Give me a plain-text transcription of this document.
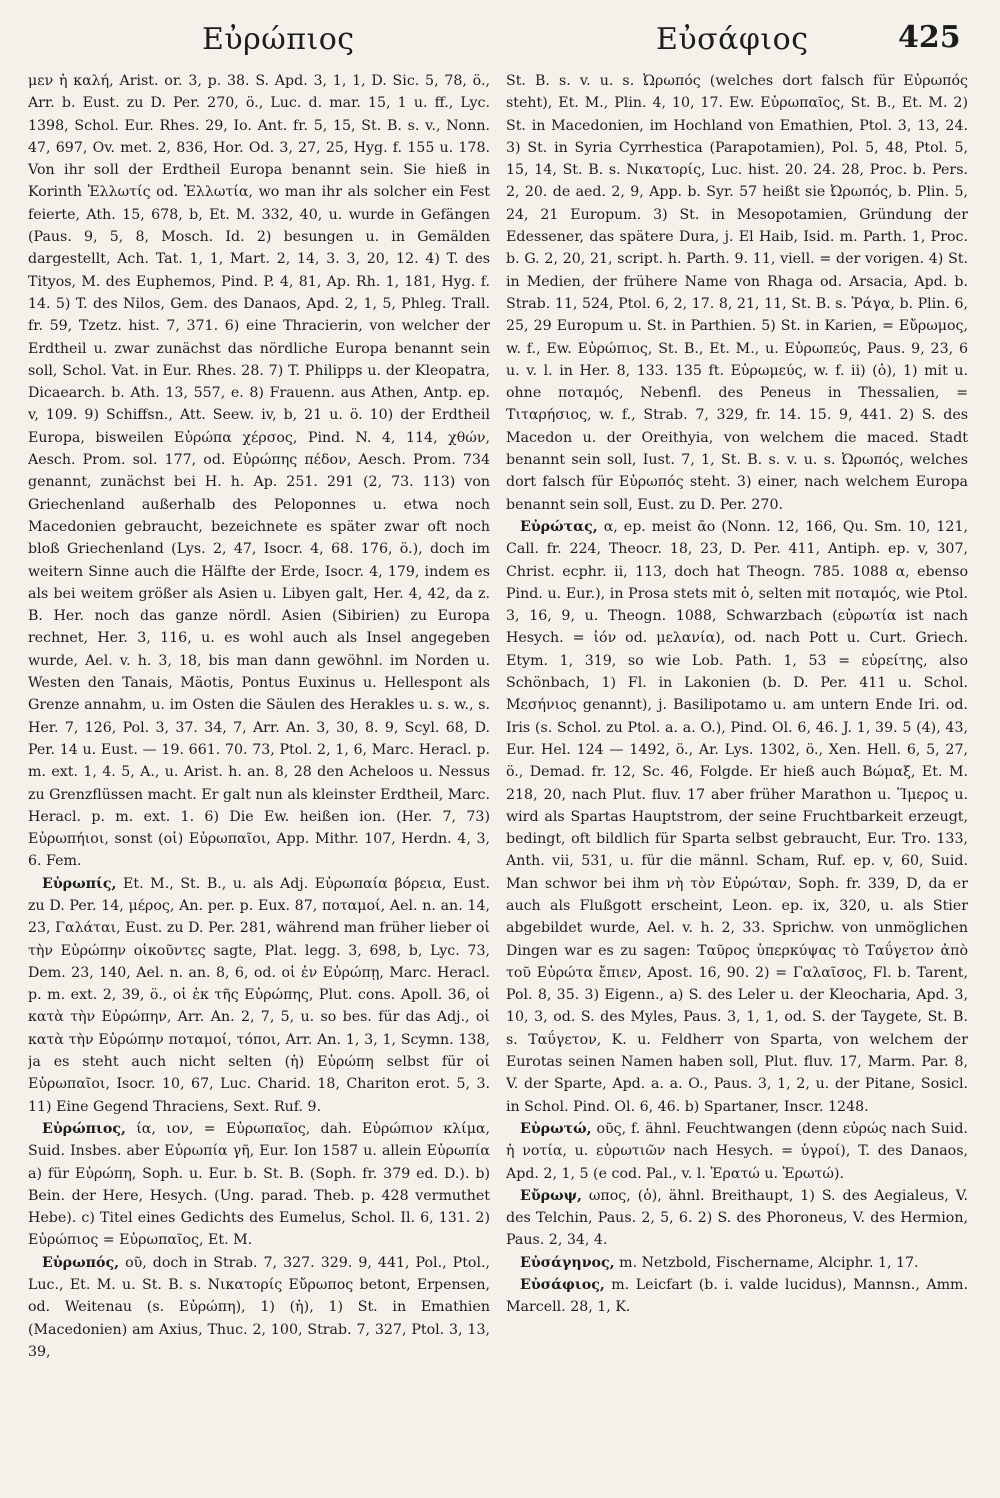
Εὐρώπιος	Εὐσάφιος	425

μεν ἡ καλή, Arist. or. 3, p. 38. S. Apd. 3, 1, 1, D. Sic. 5, 78, ö., Arr. b. Eust. zu D. Per. 270, ö., Luc. d. mar. 15, 1 u. ff., Lyc. 1398, Schol. Eur. Rhes. 29, Io. Ant. fr. 5, 15, St. B. s. v., Nonn. 47, 697, Ov. met. 2, 836, Hor. Od. 3, 27, 25, Hyg. f. 155 u. 178. Von ihr soll der Erdtheil Europa benannt sein. Sie hieß in Korinth Ἑλλωτίς od. Ἑλλωτία, wo man ihr als solcher ein Fest feierte, Ath. 15, 678, b, Et. M. 332, 40, u. wurde in Gefängen (Paus. 9, 5, 8, Mosch. Id. 2) besungen u. in Gemälden dargestellt, Ach. Tat. 1, 1, Mart. 2, 14, 3. 3, 20, 12. 4) T. des Tityos, M. des Euphemos, Pind. P. 4, 81, Ap. Rh. 1, 181, Hyg. f. 14. 5) T. des Nilos, Gem. des Danaos, Apd. 2, 1, 5, Phleg. Trall. fr. 59, Tzetz. hist. 7, 371. 6) eine Thracierin, von welcher der Erdtheil u. zwar zunächst das nördliche Europa benannt sein soll, Schol. Vat. in Eur. Rhes. 28. 7) T. Philipps u. der Kleopatra, Dicaearch. b. Ath. 13, 557, e. 8) Frauenn. aus Athen, Antp. ep. v, 109. 9) Schiffsn., Att. Seew. iv, b, 21 u. ö. 10) der Erdtheil Europa, bisweilen Εὐρώπα χέρσος, Pind. N. 4, 114, χθών, Aesch. Prom. sol. 177, od. Εὐρώπης πέδον, Aesch. Prom. 734 genannt, zunächst bei H. h. Ap. 251. 291 (2, 73. 113) von Griechenland außerhalb des Peloponnes u. etwa noch Macedonien gebraucht, bezeichnete es später zwar oft noch bloß Griechenland (Lys. 2, 47, Isocr. 4, 68. 176, ö.), doch im weitern Sinne auch die Hälfte der Erde, Isocr. 4, 179, indem es als bei weitem größer als Asien u. Libyen galt, Her. 4, 42, da z. B. Her. noch das ganze nördl. Asien (Sibirien) zu Europa rechnet, Her. 3, 116, u. es wohl auch als Insel angegeben wurde, Ael. v. h. 3, 18, bis man dann gewöhnl. im Norden u. Westen den Tanais, Mäotis, Pontus Euxinus u. Hellespont als Grenze annahm, u. im Osten die Säulen des Herakles u. s. w., s. Her. 7, 126, Pol. 3, 37. 34, 7, Arr. An. 3, 30, 8. 9, Scyl. 68, D. Per. 14 u. Eust. — 19. 661. 70. 73, Ptol. 2, 1, 6, Marc. Heracl. p. m. ext. 1, 4. 5, A., u. Arist. h. an. 8, 28 den Acheloos u. Nessus zu Grenzflüssen macht. Er galt nun als kleinster Erdtheil, Marc. Heracl. p. m. ext. 1. 6) Die Ew. heißen ion. (Her. 7, 73) Εὐρωπήιοι, sonst (οἱ) Εὐρωπαῖοι, App. Mithr. 107, Herdn. 4, 3, 6. Fem.

Εὐρωπίς, Et. M., St. B., u. als Adj. Εὐρωπαία βόρεια, Eust. zu D. Per. 14, μέρος, An. per. p. Eux. 87, ποταμοί, Ael. n. an. 14, 23, Γαλάται, Eust. zu D. Per. 281, während man früher lieber οἱ τὴν Εὐρώπην οἰκοῦντες sagte, Plat. legg. 3, 698, b, Lyc. 73, Dem. 23, 140, Ael. n. an. 8, 6, od. οἱ ἐν Εὐρώπῃ, Marc. Heracl. p. m. ext. 2, 39, ö., οἱ ἐκ τῆς Εὐρώπης, Plut. cons. Apoll. 36, οἱ κατὰ τὴν Εὐρώπην, Arr. An. 2, 7, 5, u. so bes. für das Adj., οἱ κατὰ τὴν Εὐρώπην ποταμοί, τόποι, Arr. An. 1, 3, 1, Scymn. 138, ja es steht auch nicht selten (ἡ) Εὐρώπη selbst für οἱ Εὐρωπαῖοι, Isocr. 10, 67, Luc. Charid. 18, Chariton erot. 5, 3. 11) Eine Gegend Thraciens, Sext. Ruf. 9.

Εὐρώπιος, ία, ιον, = Εὐρωπαῖος, dah. Εὐρώπιον κλίμα, Suid. Insbes. aber Εὐρωπία γῆ, Eur. Ion 1587 u. allein Εὐρωπία a) für Εὐρώπη, Soph. u. Eur. b. St. B. (Soph. fr. 379 ed. D.). b) Bein. der Here, Hesych. (Ung. parad. Theb. p. 428 vermuthet Hebe). c) Titel eines Gedichts des Eumelus, Schol. Il. 6, 131. 2) Εὐρώπιος = Εὐρωπαῖος, Et. M.

Εὐρωπός, οῦ, doch in Strab. 7, 327. 329. 9, 441, Pol., Ptol., Luc., Et. M. u. St. B. s. Νικατορίς Εὔρωπος betont, Erpensen, od. Weitenau (s. Εὐρώπη), 1) (ἡ), 1) St. in Emathien (Macedonien) am Axius, Thuc. 2, 100, Strab. 7, 327, Ptol. 3, 13, 39,

St. B. s. v. u. s. Ὠρωπός (welches dort falsch für Εὐρωπός steht), Et. M., Plin. 4, 10, 17. Ew. Εὐρωπαῖος, St. B., Et. M. 2) St. in Macedonien, im Hochland von Emathien, Ptol. 3, 13, 24. 3) St. in Syria Cyrrhestica (Parapotamien), Pol. 5, 48, Ptol. 5, 15, 14, St. B. s. Νικατορίς, Luc. hist. 20. 24. 28, Proc. b. Pers. 2, 20. de aed. 2, 9, App. b. Syr. 57 heißt sie Ὠρωπός, b. Plin. 5, 24, 21 Europum. 3) St. in Mesopotamien, Gründung der Edessener, das spätere Dura, j. El Haib, Isid. m. Parth. 1, Proc. b. G. 2, 20, 21, script. h. Parth. 9. 11, viell. = der vorigen. 4) St. in Medien, der frühere Name von Rhaga od. Arsacia, Apd. b. Strab. 11, 524, Ptol. 6, 2, 17. 8, 21, 11, St. B. s. Ῥάγα, b. Plin. 6, 25, 29 Europum u. St. in Parthien. 5) St. in Karien, = Εὔρωμος, w. f., Ew. Εὐρώπιος, St. B., Et. M., u. Εὐρωπεύς, Paus. 9, 23, 6 u. v. l. in Her. 8, 133. 135 ft. Εὐρωμεύς, w. f. ii) (ὁ), 1) mit u. ohne ποταμός, Nebenfl. des Peneus in Thessalien, = Τιταρήσιος, w. f., Strab. 7, 329, fr. 14. 15. 9, 441. 2) S. des Macedon u. der Oreithyia, von welchem die maced. Stadt benannt sein soll, Iust. 7, 1, St. B. s. v. u. s. Ὠρωπός, welches dort falsch für Εὐρωπός steht. 3) einer, nach welchem Europa benannt sein soll, Eust. zu D. Per. 270.

Εὐρώτας, α, ep. meist ᾱο (Nonn. 12, 166, Qu. Sm. 10, 121, Call. fr. 224, Theocr. 18, 23, D. Per. 411, Antiph. ep. v, 307, Christ. ecphr. ii, 113, doch hat Theogn. 785. 1088 α, ebenso Pind. u. Eur.), in Prosa stets mit ὁ, selten mit ποταμός, wie Ptol. 3, 16, 9, u. Theogn. 1088, Schwarzbach (εὐρωτία ist nach Hesych. = ἰόν od. μελανία), od. nach Pott u. Curt. Griech. Etym. 1, 319, so wie Lob. Path. 1, 53 = εὐρείτης, also Schönbach, 1) Fl. in Lakonien (b. D. Per. 411 u. Schol. Μεσήνιος genannt), j. Basilipotamo u. am untern Ende Iri. od. Iris (s. Schol. zu Ptol. a. a. O.), Pind. Ol. 6, 46. J. 1, 39. 5 (4), 43, Eur. Hel. 124 — 1492, ö., Ar. Lys. 1302, ö., Xen. Hell. 6, 5, 27, ö., Demad. fr. 12, Sc. 46, Folgde. Er hieß auch Βώμαξ, Et. M. 218, 20, nach Plut. fluv. 17 aber früher Marathon u. Ἵμερος u. wird als Spartas Hauptstrom, der seine Fruchtbarkeit erzeugt, bedingt, oft bildlich für Sparta selbst gebraucht, Eur. Tro. 133, Anth. vii, 531, u. für die männl. Scham, Ruf. ep. v, 60, Suid. Man schwor bei ihm νὴ τὸν Εὐρώταν, Soph. fr. 339, D, da er auch als Flußgott erscheint, Leon. ep. ix, 320, u. als Stier abgebildet wurde, Ael. v. h. 2, 33. Sprichw. von unmöglichen Dingen war es zu sagen: Ταῦρος ὑπερκύψας τὸ Ταΰγετον ἀπὸ τοῦ Εὐρώτα ἔπιεν, Apost. 16, 90. 2) = Γαλαῖσος, Fl. b. Tarent, Pol. 8, 35. 3) Eigenn., a) S. des Leler u. der Kleocharia, Apd. 3, 10, 3, od. S. des Myles, Paus. 3, 1, 1, od. S. der Taygete, St. B. s. Ταΰγετον, K. u. Feldherr von Sparta, von welchem der Eurotas seinen Namen haben soll, Plut. fluv. 17, Marm. Par. 8, V. der Sparte, Apd. a. a. O., Paus. 3, 1, 2, u. der Pitane, Sosicl. in Schol. Pind. Ol. 6, 46. b) Spartaner, Inscr. 1248.

Εὐρωτώ, οῦς, f. ähnl. Feuchtwangen (denn εὐρώς nach Suid. ἡ νοτία, u. εὐρωτιῶν nach Hesych. = ὑγροί), T. des Danaos, Apd. 2, 1, 5 (e cod. Pal., v. l. Ἐρατώ u. Ἐρωτώ).

Εὔρωψ, ωπος, (ὁ), ähnl. Breithaupt, 1) S. des Aegialeus, V. des Telchin, Paus. 2, 5, 6. 2) S. des Phoroneus, V. des Hermion, Paus. 2, 34, 4.

Εὐσάγηνος, m. Netzbold, Fischername, Alciphr. 1, 17.

Εὐσάφιος, m. Leicfart (b. i. valde lucidus), Mannsn., Amm. Marcell. 28, 1, K.
